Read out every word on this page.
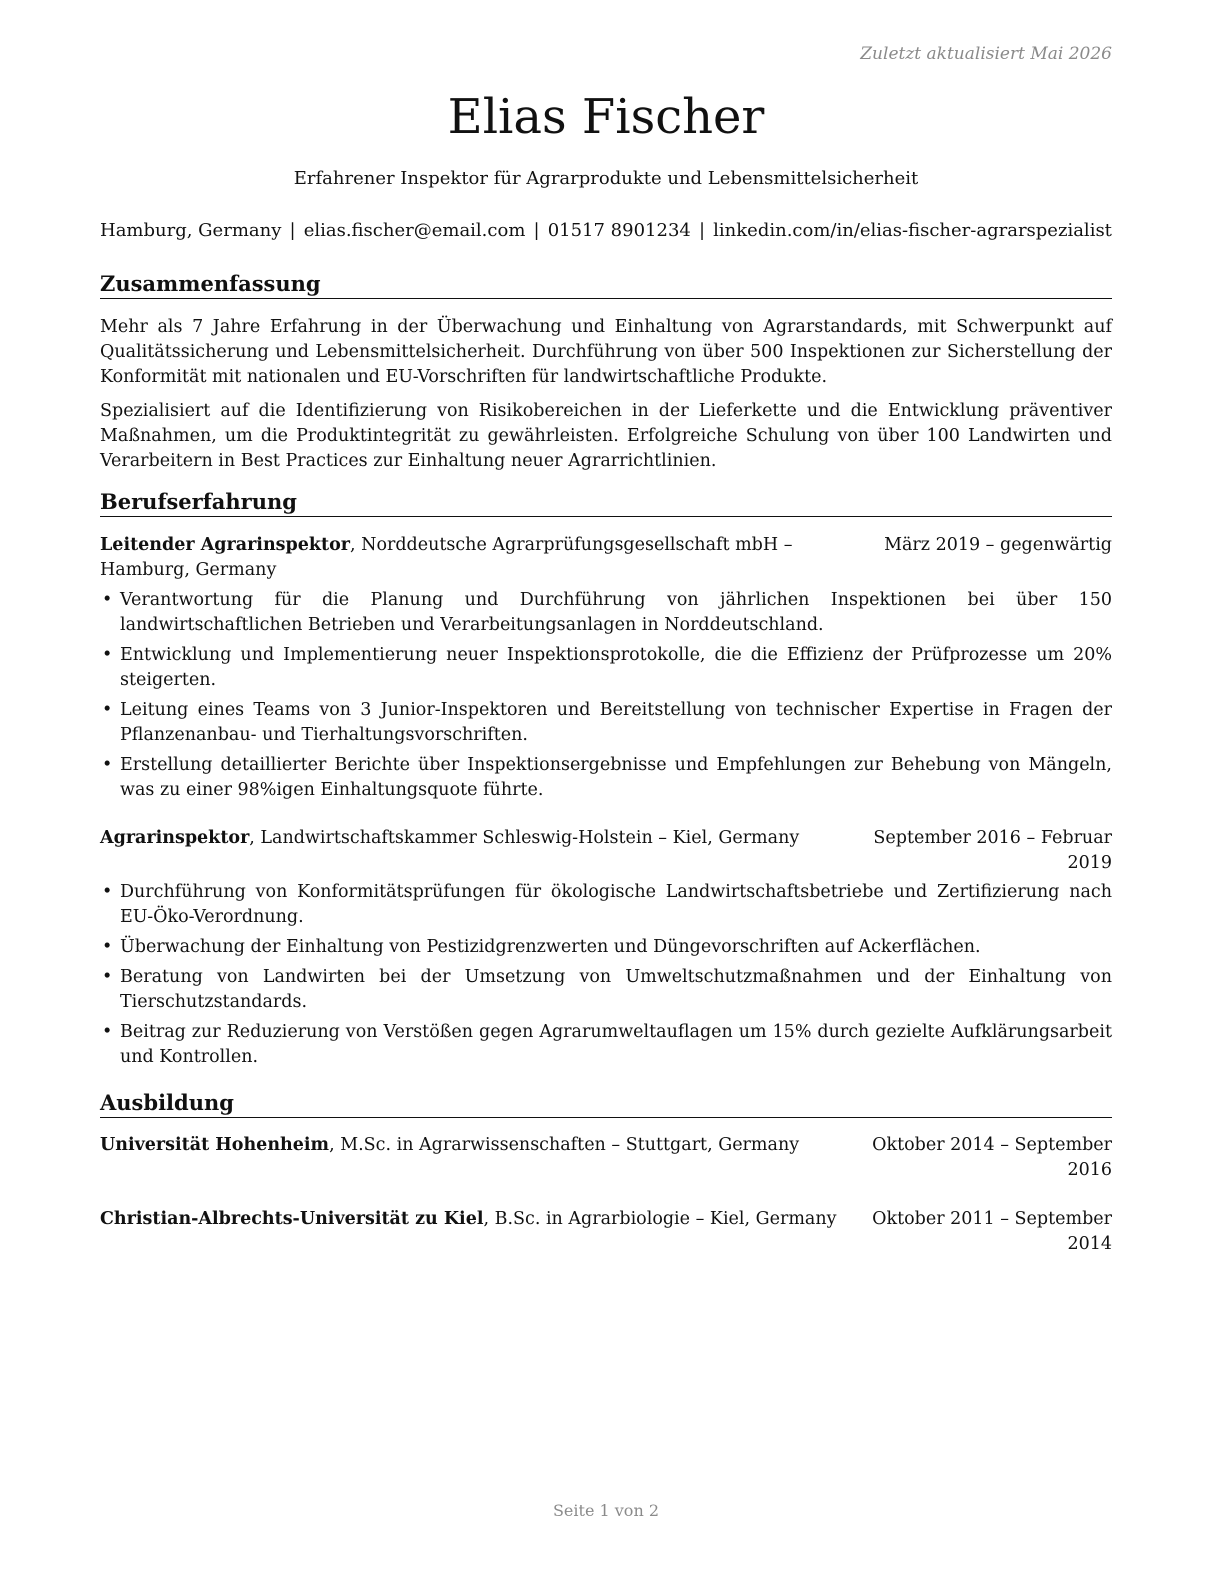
Zuletzt aktualisiert Mai 2026
Elias Fischer
Erfahrener Inspektor für Agrarprodukte und Lebensmittelsicherheit
Hamburg, Germany | elias.fischer@email.com | 01517 8901234 | linkedin.com/in/elias-fischer-agrarspezialist
Zusammenfassung
Mehr als 7 Jahre Erfahrung in der Überwachung und Einhaltung von Agrarstandards, mit Schwerpunkt auf Qualitätssicherung und Lebensmittelsicherheit. Durchführung von über 500 Inspektionen zur Sicherstellung der Konformität mit nationalen und EU-Vorschriften für landwirtschaftliche Produkte.
Spezialisiert auf die Identifizierung von Risikobereichen in der Lieferkette und die Entwicklung präventiver Maßnahmen, um die Produktintegrität zu gewährleisten. Erfolgreiche Schulung von über 100 Landwirten und Verarbeitern in Best Practices zur Einhaltung neuer Agrarrichtlinien.
Berufserfahrung
Leitender Agrarinspektor, Norddeutsche Agrarprüfungsgesellschaft mbH – Hamburg, Germany
März 2019 – gegenwärtig
• Verantwortung für die Planung und Durchführung von jährlichen Inspektionen bei über 150 landwirtschaftlichen Betrieben und Verarbeitungsanlagen in Norddeutschland.
• Entwicklung und Implementierung neuer Inspektionsprotokolle, die die Effizienz der Prüfprozesse um 20% steigerten.
• Leitung eines Teams von 3 Junior-Inspektoren und Bereitstellung von technischer Expertise in Fragen der Pflanzenanbau- und Tierhaltungsvorschriften.
• Erstellung detaillierter Berichte über Inspektionsergebnisse und Empfehlungen zur Behebung von Mängeln, was zu einer 98%igen Einhaltungsquote führte.
Agrarinspektor, Landwirtschaftskammer Schleswig-Holstein – Kiel, Germany	September 2016 – Februar 2019
• Durchführung von Konformitätsprüfungen für ökologische Landwirtschaftsbetriebe und Zertifizierung nach EU-Öko-Verordnung.
• Überwachung der Einhaltung von Pestizidgrenzwerten und Düngevorschriften auf Ackerflächen.
• Beratung von Landwirten bei der Umsetzung von Umweltschutzmaßnahmen und der Einhaltung von Tierschutzstandards.
• Beitrag zur Reduzierung von Verstößen gegen Agrarumweltauflagen um 15% durch gezielte Aufklärungsarbeit und Kontrollen.
Ausbildung
Universität Hohenheim, M.Sc. in Agrarwissenschaften – Stuttgart, Germany	Oktober 2014 – September 2016
Christian-Albrechts-Universität zu Kiel, B.Sc. in Agrarbiologie – Kiel, Germany	Oktober 2011 – September 2014
Seite 1 von 2
